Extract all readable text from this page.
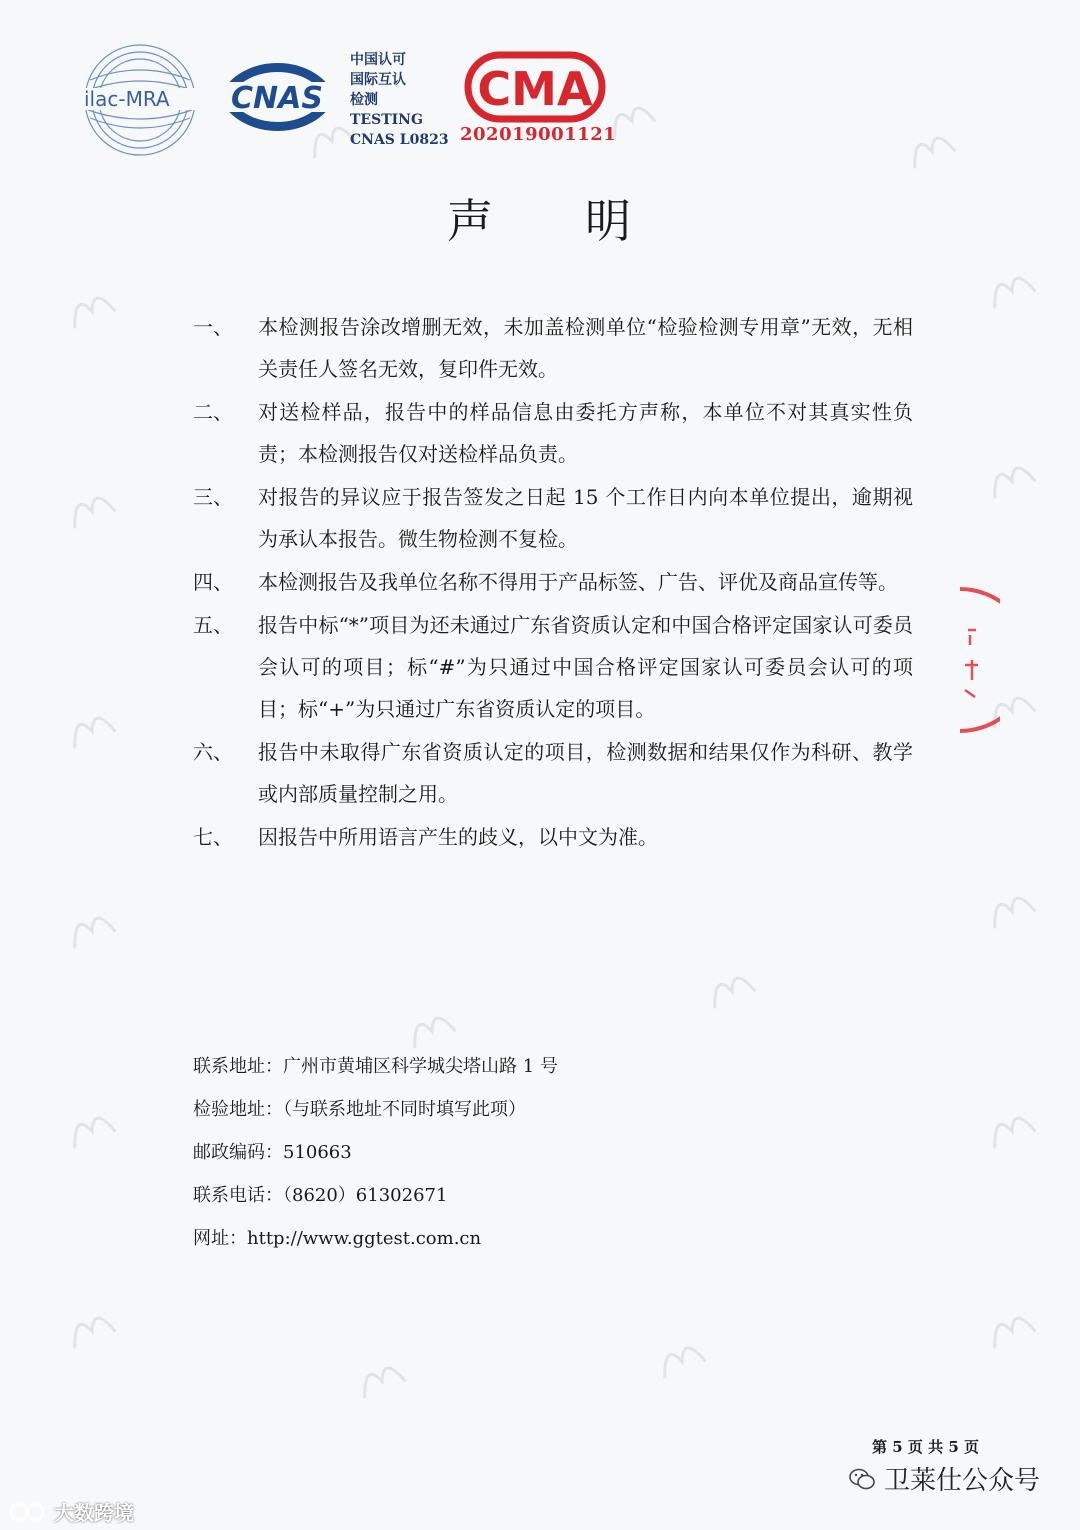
ilac-MRA CNAS
中国认可
国际互认
检测
TESTING
CNAS L0823
CMA
202019001121
声 明
一、	本检测报告涂改增删无效，未加盖检测单位“检验检测专用章”无效，无相关责任人签名无效，复印件无效。
二、	对送检样品，报告中的样品信息由委托方声称，本单位不对其真实性负责；本检测报告仅对送检样品负责。
三、	对报告的异议应于报告签发之日起 15 个工作日内向本单位提出，逾期视为承认本报告。微生物检测不复检。
四、	本检测报告及我单位名称不得用于产品标签、广告、评优及商品宣传等。
五、	报告中标“*”项目为还未通过广东省资质认定和中国合格评定国家认可委员会认可的项目；标“#”为只通过中国合格评定国家认可委员会认可的项目；标“+”为只通过广东省资质认定的项目。
六、	报告中未取得广东省资质认定的项目，检测数据和结果仅作为科研、教学或内部质量控制之用。
七、	因报告中所用语言产生的歧义，以中文为准。
联系地址：广州市黄埔区科学城尖塔山路 1 号
检验地址：（与联系地址不同时填写此项）
邮政编码：510663
联系电话：（8620）61302671
网址：http://www.ggtest.com.cn
第 5 页 共 5 页
卫莱仕公众号
大数跨境
